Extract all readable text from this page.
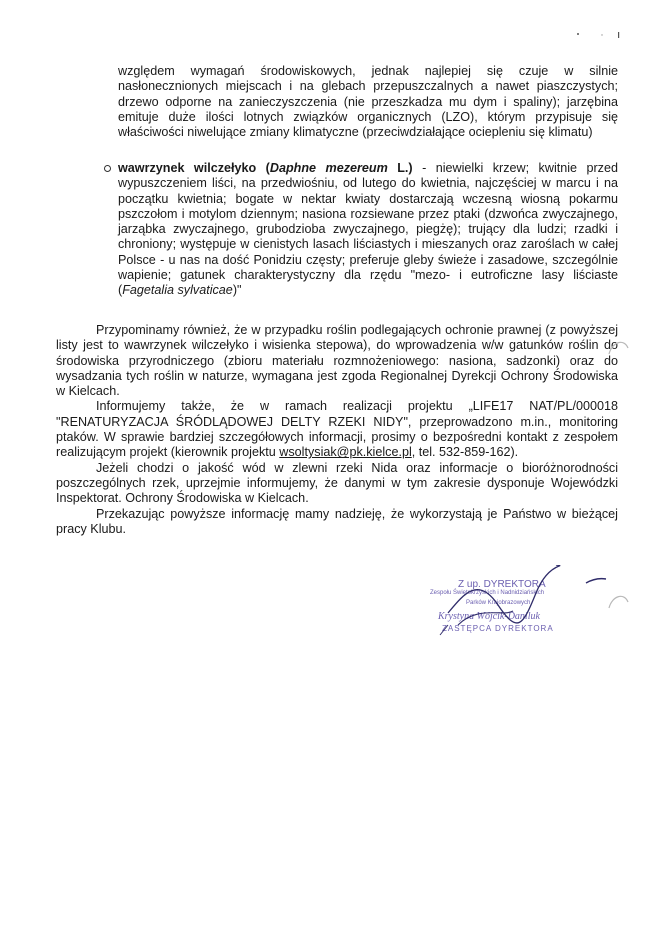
względem wymagań środowiskowych, jednak najlepiej się czuje w silnie nasłonecznionych miejscach i na glebach przepuszczalnych a nawet piaszczystych; drzewo odporne na zanieczyszczenia (nie przeszkadza mu dym i spaliny); jarzębina emituje duże ilości lotnych związków organicznych (LZO), którym przypisuje się właściwości niwelujące zmiany klimatyczne (przeciwdziałające ociepleniu się klimatu)

wawrzynek wilczełyko (Daphne mezereum L.) - niewielki krzew; kwitnie przed wypuszczeniem liści, na przedwiośniu, od lutego do kwietnia, najczęściej w marcu i na początku kwietnia; bogate w nektar kwiaty dostarczają wczesną wiosną pokarmu pszczołom i motylom dziennym; nasiona rozsiewane przez ptaki (dzwońca zwyczajnego, jarząbka zwyczajnego, grubodzioba zwyczajnego, piegżę); trujący dla ludzi; rzadki i chroniony; występuje w cienistych lasach liściastych i mieszanych oraz zaroślach w całej Polsce - u nas na dość Ponidziu częsty; preferuje gleby świeże i zasadowe, szczególnie wapienie; gatunek charakterystyczny dla rzędu "mezo- i eutroficzne lasy liściaste (Fagetalia sylvaticae)"

Przypominamy również, że w przypadku roślin podlegających ochronie prawnej (z powyższej listy jest to wawrzynek wilczełyko i wisienka stepowa), do wprowadzenia w/w gatunków roślin do środowiska przyrodniczego (zbioru materiału rozmnożeniowego: nasiona, sadzonki) oraz do wysadzania tych roślin w naturze, wymagana jest zgoda Regionalnej Dyrekcji Ochrony Środowiska w Kielcach.

Informujemy także, że w ramach realizacji projektu „LIFE17 NAT/PL/000018 "RENATURYZACJA ŚRÓDLĄDOWEJ DELTY RZEKI NIDY", przeprowadzono m.in., monitoring ptaków. W sprawie bardziej szczegółowych informacji, prosimy o bezpośredni kontakt z zespołem realizującym projekt (kierownik projektu wsoltysiak@pk.kielce.pl, tel. 532-859-162).

Jeżeli chodzi o jakość wód w zlewni rzeki Nida oraz informacje o bioróżnorodności poszczególnych rzek, uprzejmie informujemy, że danymi w tym zakresie dysponuje Wojewódzki Inspektorat. Ochrony Środowiska w Kielcach.

Przekazując powyższe informację mamy nadzieję, że wykorzystają je Państwo w bieżącej pracy Klubu.

Z up. DYREKTORA
Zespołu Świętokrzyskich i Nadnidziańskich
Parków Krajobrazowych
Krystyna Wójcik-Daniluk
ZASTĘPCA DYREKTORA
